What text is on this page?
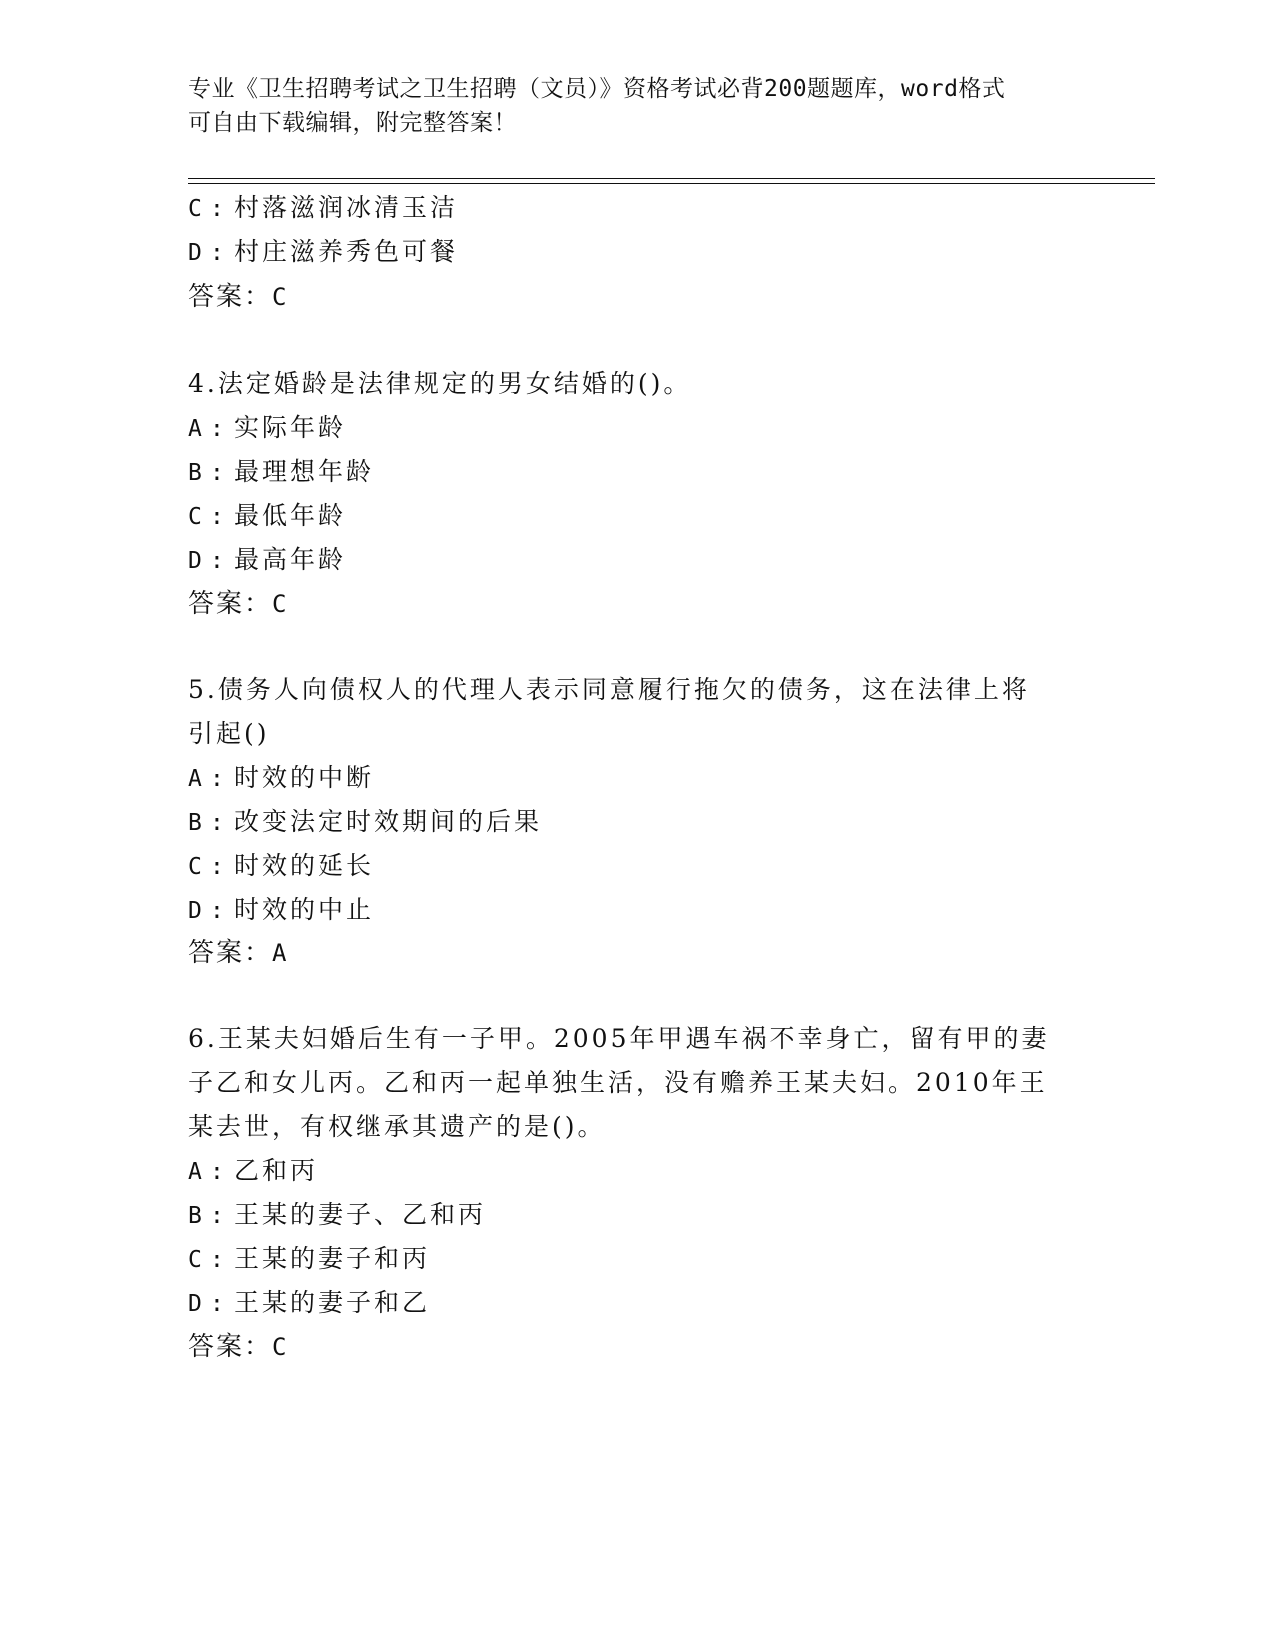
专业《卫生招聘考试之卫生招聘（文员）》资格考试必背200题题库，word格式
可自由下载编辑，附完整答案！
C : 村落滋润冰清玉洁
D : 村庄滋养秀色可餐
答案：C
4.法定婚龄是法律规定的男女结婚的()。
A : 实际年龄
B : 最理想年龄
C : 最低年龄
D : 最高年龄
答案：C
5.债务人向债权人的代理人表示同意履行拖欠的债务，这在法律上将
引起()
A : 时效的中断
B : 改变法定时效期间的后果
C : 时效的延长
D : 时效的中止
答案：A
6.王某夫妇婚后生有一子甲。2005年甲遇车祸不幸身亡，留有甲的妻
子乙和女儿丙。乙和丙一起单独生活，没有赡养王某夫妇。2010年王
某去世，有权继承其遗产的是()。
A : 乙和丙
B : 王某的妻子、乙和丙
C : 王某的妻子和丙
D : 王某的妻子和乙
答案：C
